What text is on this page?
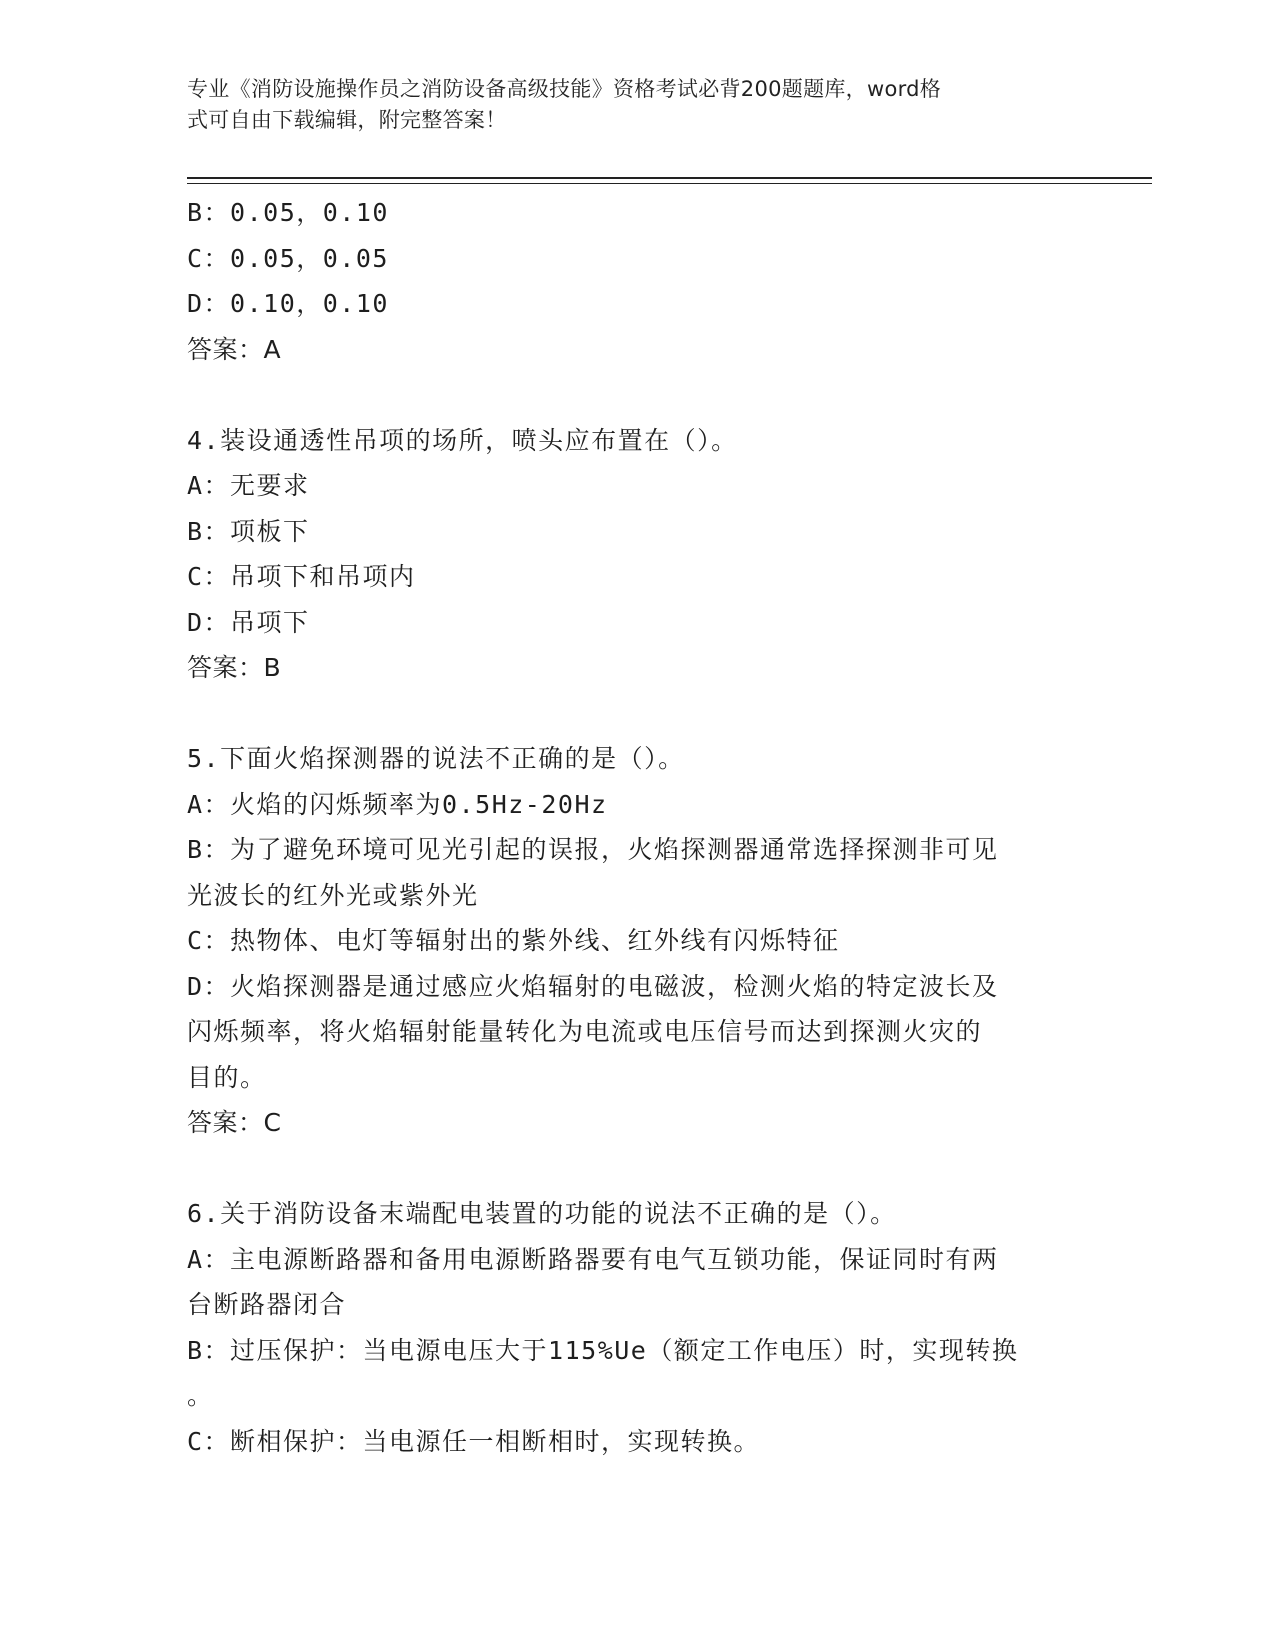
专业《消防设施操作员之消防设备高级技能》资格考试必背200题题库，word格
式可自由下载编辑，附完整答案！

B：0.05，0.10

C：0.05，0.05

D：0.10，0.10

答案：A

4.装设通透性吊项的场所，喷头应布置在（）。

A：无要求

B：项板下

C：吊项下和吊项内

D：吊项下

答案：B

5.下面火焰探测器的说法不正确的是（）。

A：火焰的闪烁频率为0.5Hz-20Hz

B：为了避免环境可见光引起的误报，火焰探测器通常选择探测非可见

光波长的红外光或紫外光

C：热物体、电灯等辐射出的紫外线、红外线有闪烁特征

D：火焰探测器是通过感应火焰辐射的电磁波，检测火焰的特定波长及

闪烁频率，将火焰辐射能量转化为电流或电压信号而达到探测火灾的

目的。

答案：C

6.关于消防设备末端配电装置的功能的说法不正确的是（）。

A：主电源断路器和备用电源断路器要有电气互锁功能，保证同时有两

台断路器闭合

B：过压保护：当电源电压大于115%Ue（额定工作电压）时，实现转换

。

C：断相保护：当电源任一相断相时，实现转换。
